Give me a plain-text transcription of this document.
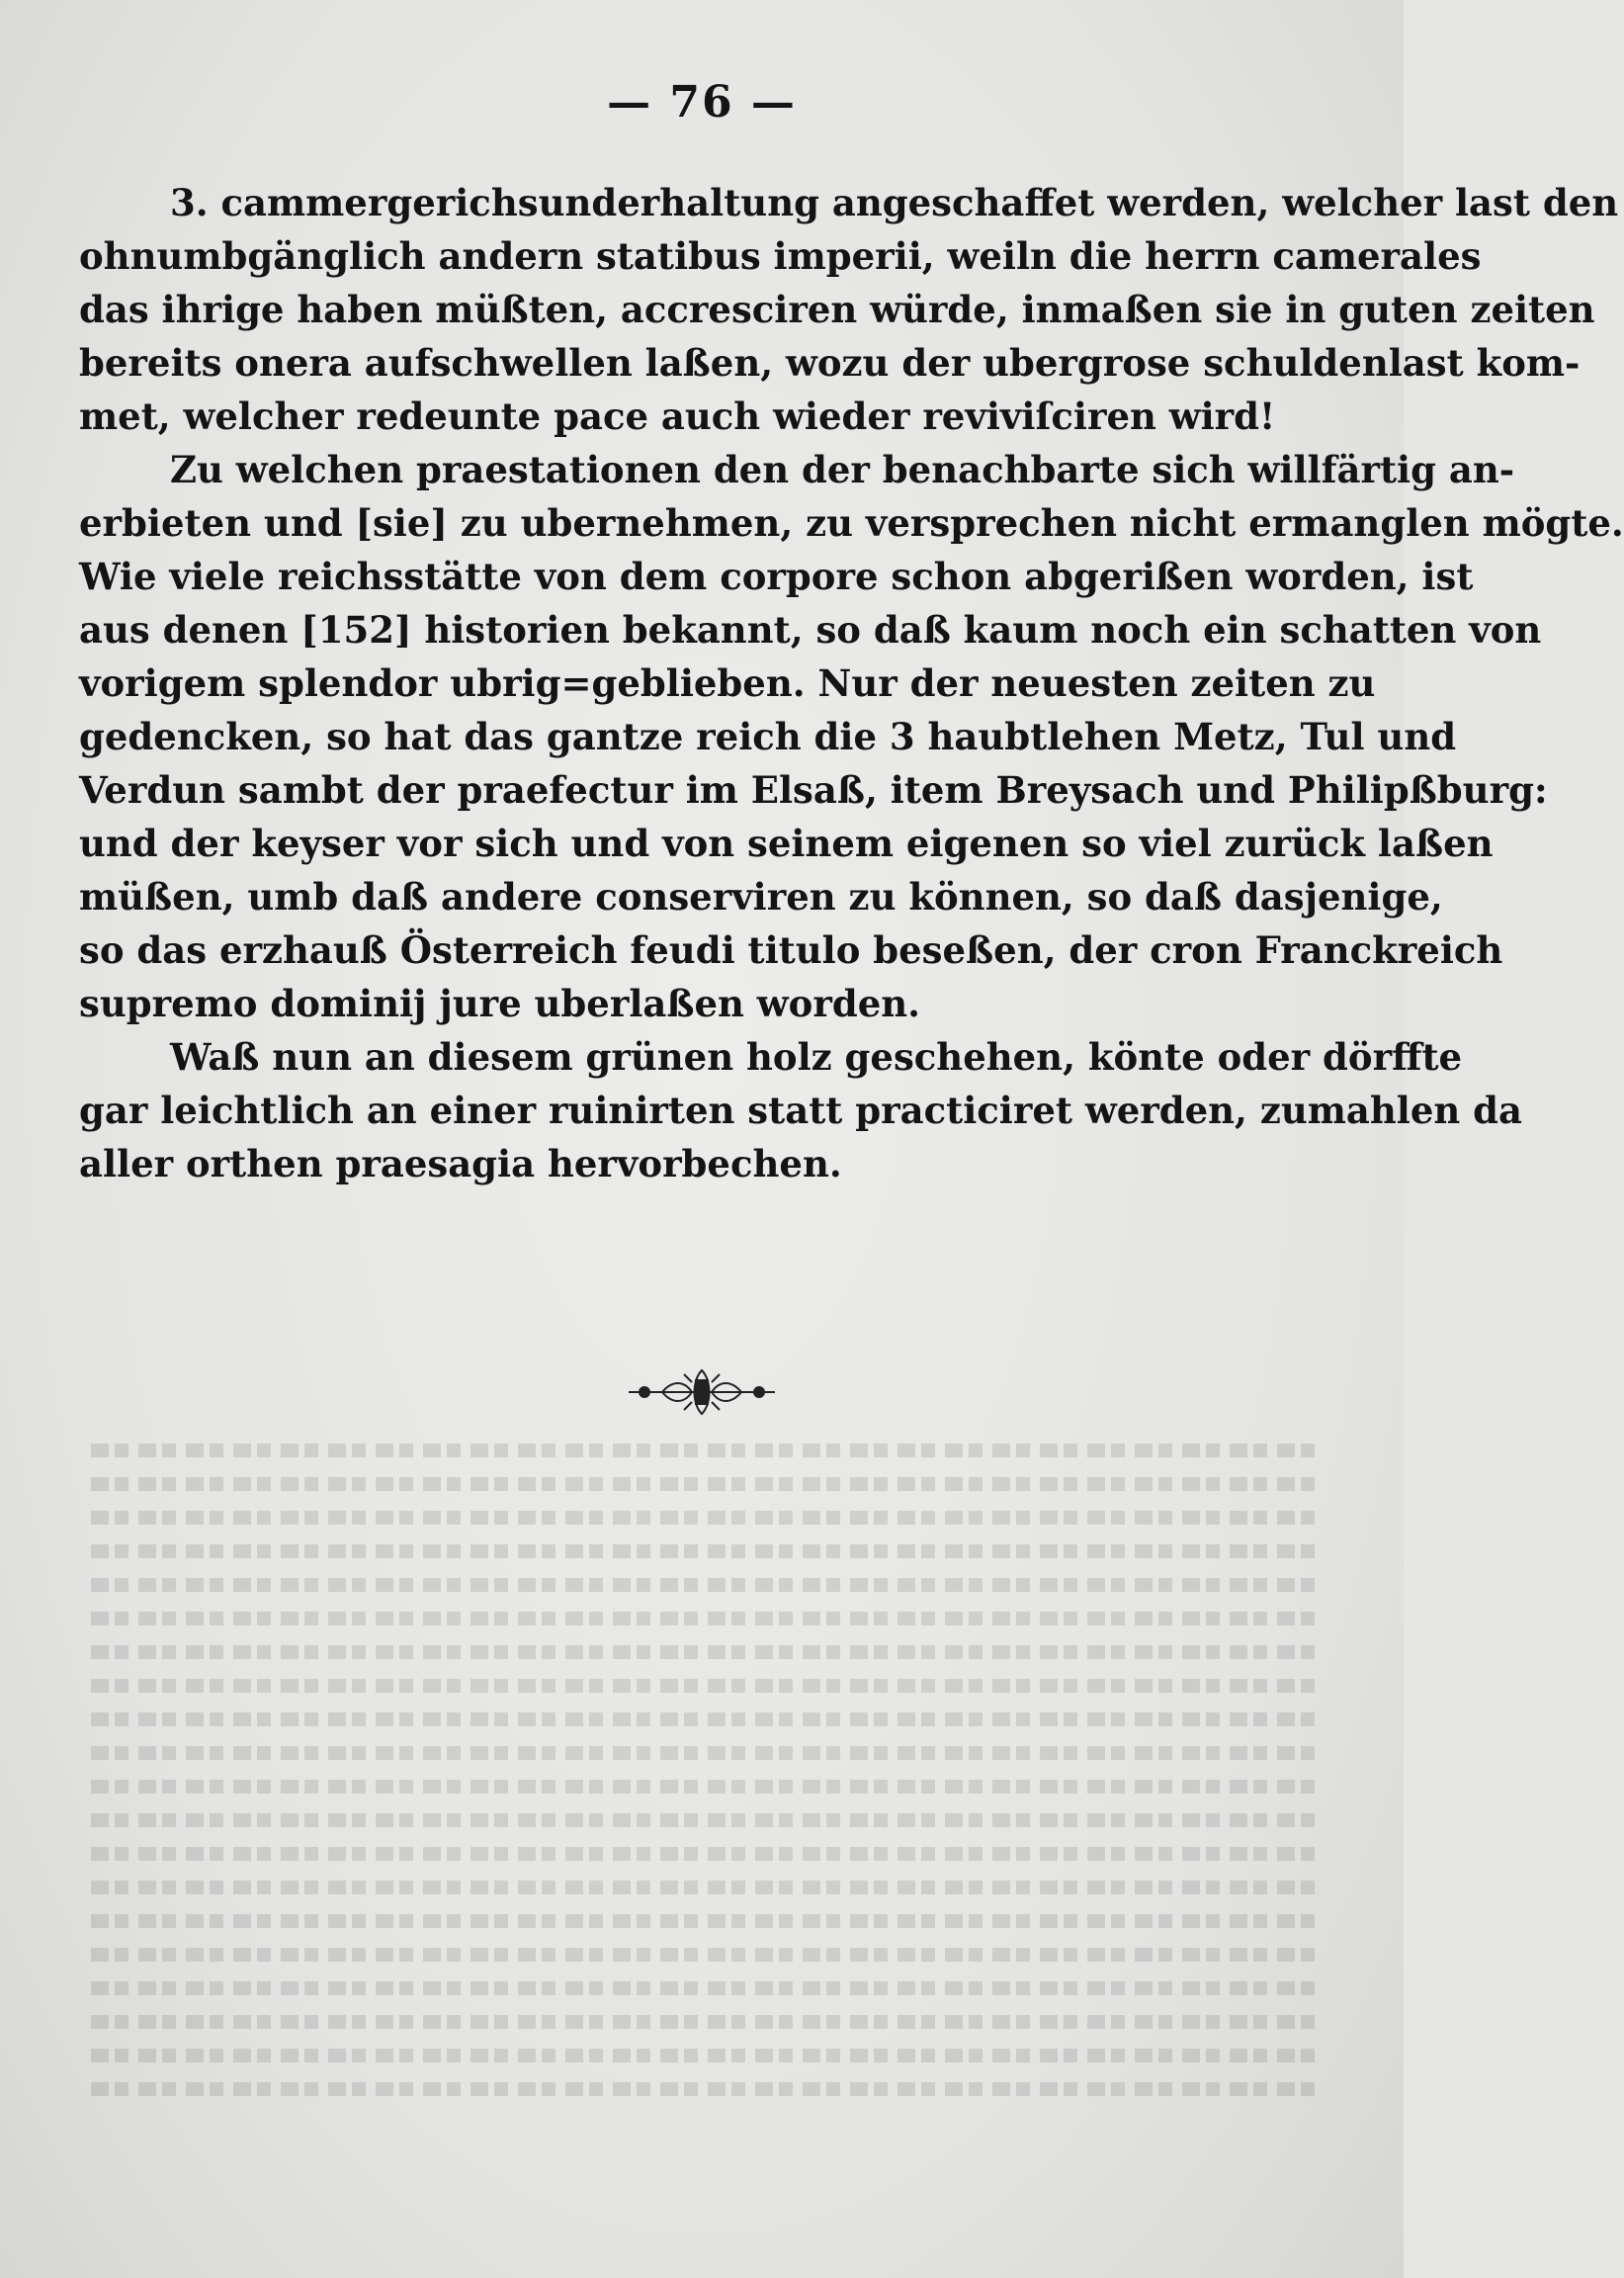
— 76 —
3. cammergerichsunderhaltung angeschaffet werden, welcher last den
ohnumbgänglich andern statibus imperii, weiln die herrn camerales
das ihrige haben müßten, accresciren würde, inmaßen sie in guten zeiten
bereits onera aufschwellen laßen, wozu der ubergrose schuldenlast kom-
met, welcher redeunte pace auch wieder reviviſciren wird!
Zu welchen praestationen den der benachbarte sich willfärtig an-
erbieten und [sie] zu ubernehmen, zu versprechen nicht ermanglen mögte.
Wie viele reichsstätte von dem corpore schon abgerißen worden, ist
aus denen [152] historien bekannt, so daß kaum noch ein schatten von
vorigem splendor ubrig=geblieben. Nur der neuesten zeiten zu
gedencken, so hat das gantze reich die 3 haubtlehen Metz, Tul und
Verdun sambt der praefectur im Elsaß, item Breysach und Philipßburg:
und der keyser vor sich und von seinem eigenen so viel zurück laßen
müßen, umb daß andere conserviren zu können, so daß dasjenige,
so das erzhauß Österreich feudi titulo beseßen, der cron Franckreich
supremo dominij jure uberlaßen worden.
Waß nun an diesem grünen holz geschehen, könte oder dörffte
gar leichtlich an einer ruinirten statt practiciret werden, zumahlen da
aller orthen praesagia hervorbechen.
